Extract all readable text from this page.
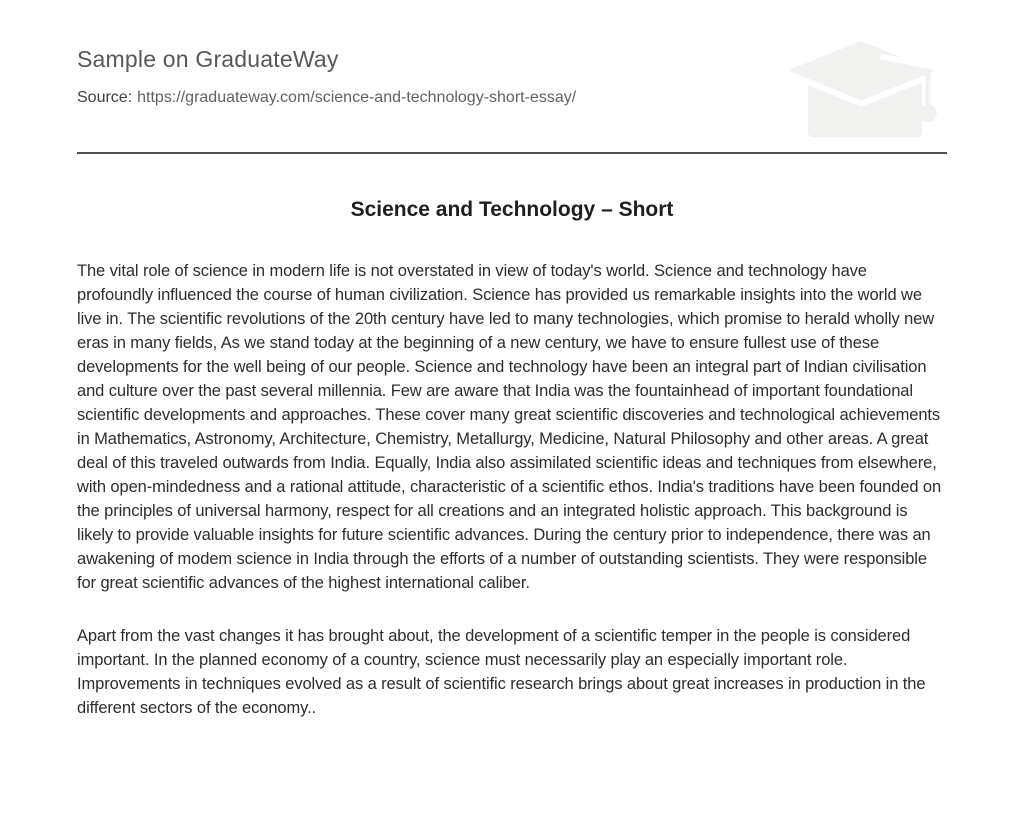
Sample on GraduateWay
Source: https://graduateway.com/science-and-technology-short-essay/
Science and Technology – Short

The vital role of science in modern life is not overstated in view of today's world. Science and technology have profoundly influenced the course of human civilization. Science has provided us remarkable insights into the world we live in. The scientific revolutions of the 20th century have led to many technologies, which promise to herald wholly new eras in many fields, As we stand today at the beginning of a new century, we have to ensure fullest use of these developments for the well being of our people. Science and technology have been an integral part of Indian civilisation and culture over the past several millennia. Few are aware that India was the fountainhead of important foundational scientific developments and approaches. These cover many great scientific discoveries and technological achievements in Mathematics, Astronomy, Architecture, Chemistry, Metallurgy, Medicine, Natural Philosophy and other areas. A great deal of this traveled outwards from India. Equally, India also assimilated scientific ideas and techniques from elsewhere, with open-mindedness and a rational attitude, characteristic of a scientific ethos. India's traditions have been founded on the principles of universal harmony, respect for all creations and an integrated holistic approach. This background is likely to provide valuable insights for future scientific advances. During the century prior to independence, there was an awakening of modem science in India through the efforts of a number of outstanding scientists. They were responsible for great scientific advances of the highest international caliber.

Apart from the vast changes it has brought about, the development of a scientific temper in the people is considered important. In the planned economy of a country, science must necessarily play an especially important role. Improvements in techniques evolved as a result of scientific research brings about great increases in production in the different sectors of the economy..
